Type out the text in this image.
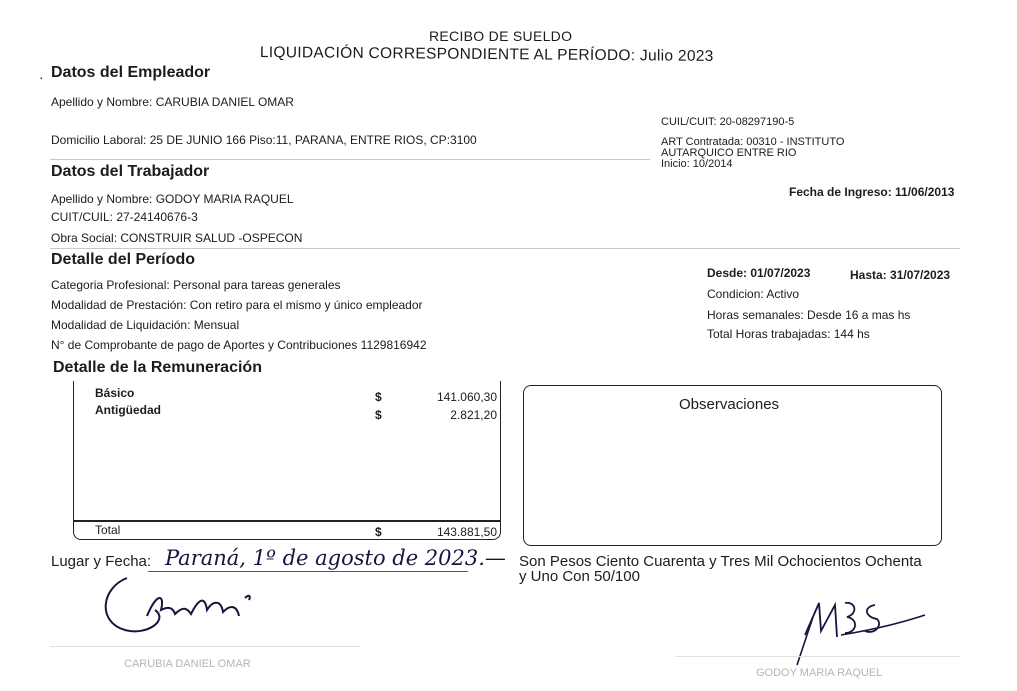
RECIBO DE SUELDO
LIQUIDACIÓN CORRESPONDIENTE AL PERÍODO: Julio 2023
· Datos del Empleador
Apellido y Nombre: CARUBIA DANIEL OMAR
Domicilio Laboral: 25 DE JUNIO 166 Piso:11, PARANA, ENTRE RIOS, CP:3100
CUIL/CUIT: 20-08297190-5
ART Contratada: 00310 - INSTITUTO
AUTARQUICO ENTRE RIO
Inicio: 10/2014
Datos del Trabajador
Apellido y Nombre: GODOY MARIA RAQUEL
CUIT/CUIL: 27-24140676-3
Obra Social: CONSTRUIR SALUD -OSPECON
Fecha de Ingreso: 11/06/2013
Detalle del Período
Categoria Profesional: Personal para tareas generales
Modalidad de Prestación: Con retiro para el mismo y único empleador
Modalidad de Liquidación: Mensual
N° de Comprobante de pago de Aportes y Contribuciones 1129816942
Desde: 01/07/2023	Hasta: 31/07/2023
Condicion: Activo
Horas semanales: Desde 16 a mas hs
Total Horas trabajadas: 144 hs
Detalle de la Remuneración
Básico	$	141.060,30
Antigüedad	$	2.821,20
Total	$	143.881,50
Observaciones
Lugar y Fecha: Paraná, 1º de agosto de 2023.— Son Pesos Ciento Cuarenta y Tres Mil Ochocientos Ochenta
y Uno Con 50/100
CARUBIA DANIEL OMAR
GODOY MARIA RAQUEL
